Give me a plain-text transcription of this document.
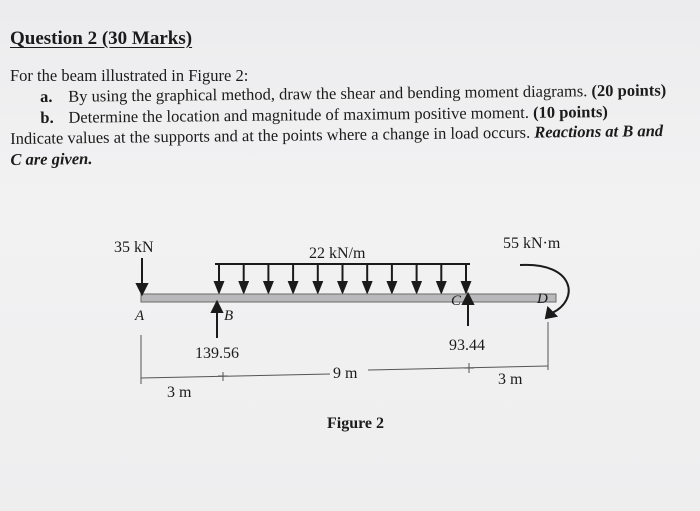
Question 2 (30 Marks)
For the beam illustrated in Figure 2:
a. By using the graphical method, draw the shear and bending moment diagrams. (20 points)
b. Determine the location and magnitude of maximum positive moment. (10 points)
Indicate values at the supports and at the points where a change in load occurs. Reactions at B and C are given.
35 kN	22 kN/m
55 kN·m
A	B
C	D
139.56	93.44
3 m
9 m	3 m
Figure 2
